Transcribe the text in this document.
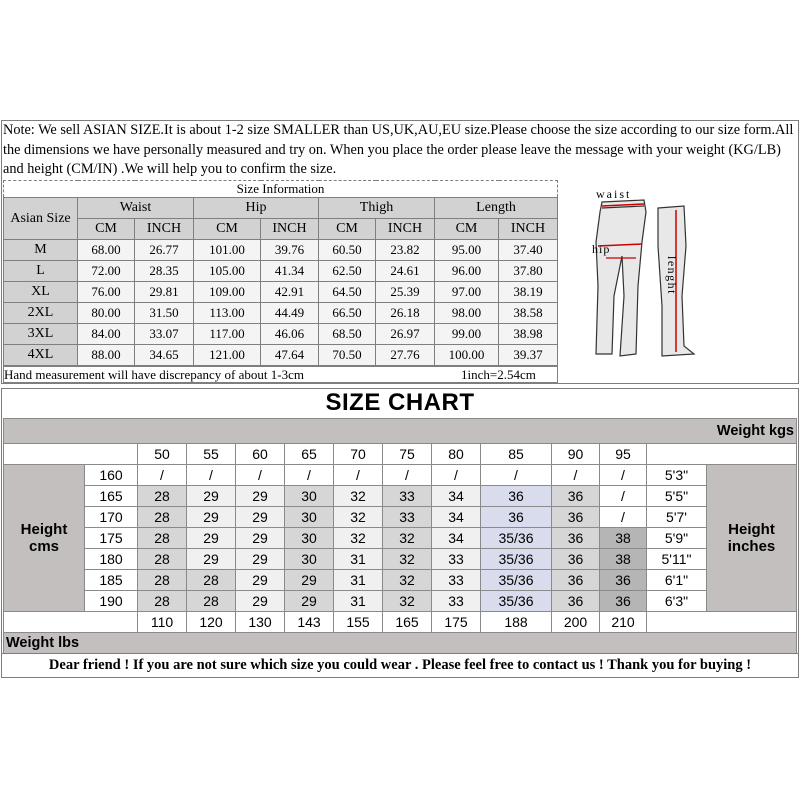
Note: We sell ASIAN SIZE.It is about 1-2 size SMALLER than US,UK,AU,EU size.Please choose the size according to our size form.All the dimensions we have personally measured and try on. When you place the order please leave the message with your weight (KG/LB) and height (CM/IN) .We will help you to confirm the size.
Size Information								
Asian Size	Waist		Hip		Thigh		Length	
	CM	INCH	CM	INCH	CM	INCH	CM	INCH
M	68.00	26.77	101.00	39.76	60.50	23.82	95.00	37.40
L	72.00	28.35	105.00	41.34	62.50	24.61	96.00	37.80
XL	76.00	29.81	109.00	42.91	64.50	25.39	97.00	38.19
2XL	80.00	31.50	113.00	44.49	66.50	26.18	98.00	38.58
3XL	84.00	33.07	117.00	46.06	68.50	26.97	99.00	38.98
4XL	88.00	34.65	121.00	47.64	70.50	27.76	100.00	39.37
Hand measurement will have discrepancy of about 1-3cm	1inch=2.54cm
waist
hip
lenght
SIZE CHART
Weight kgs													
		50	55	60	65	70	75	80	85	90	95		
Height
cms	160	/	/	/	/	/	/	/	/	/	/	5'3"	Height
inches
	165	28	29	29	30	32	33	34	36	36	/	5'5"	
	170	28	29	29	30	32	33	34	36	36	/	5'7'	
	175	28	29	29	30	32	32	34	35/36	36	38	5'9"	
	180	28	29	29	30	31	32	33	35/36	36	38	5'11"	
	185	28	28	29	29	31	32	33	35/36	36	36	6'1"	
	190	28	28	29	29	31	32	33	35/36	36	36	6'3"	
		110	120	130	143	155	165	175	188	200	210		
Weight lbs													
Dear friend ! If you are not sure which size you could wear . Please feel free to contact us ! Thank you for buying !
